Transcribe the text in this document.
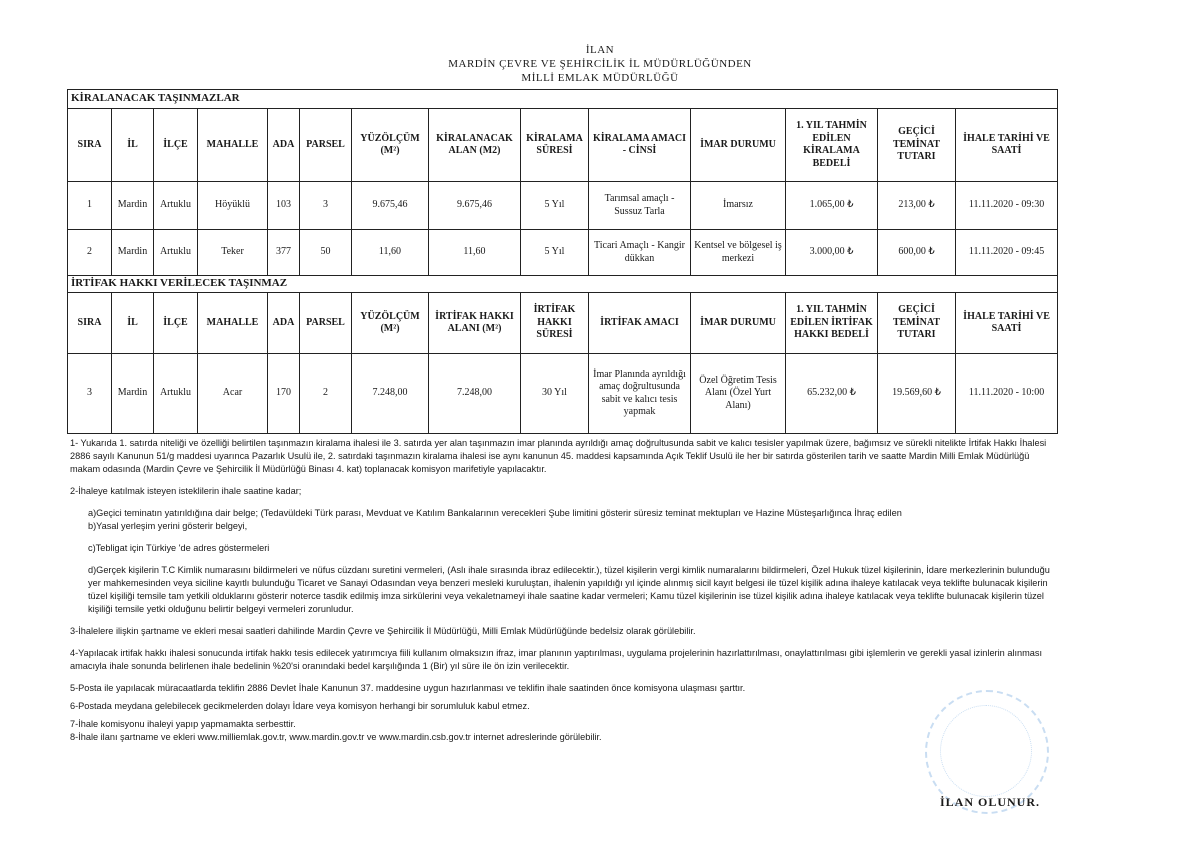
İLAN
MARDİN ÇEVRE VE ŞEHİRCİLİK İL MÜDÜRLÜĞÜNDEN
MİLLİ EMLAK MÜDÜRLÜĞÜ
KİRALANACAK TAŞINMAZLAR													
SIRA	İL	İLÇE	MAHALLE	ADA	PARSEL	YÜZÖLÇÜM (M²)	KİRALANACAK ALAN (M2)	KİRALAMA SÜRESİ	KİRALAMA AMACI - CİNSİ	İMAR DURUMU	1. YIL TAHMİN EDİLEN KİRALAMA BEDELİ	GEÇİCİ TEMİNAT TUTARI	İHALE TARİHİ VE SAATİ
1	Mardin	Artuklu	Höyüklü	103	3	9.675,46	9.675,46	5 Yıl	Tarımsal amaçlı - Sussuz Tarla	İmarsız	1.065,00 ₺	213,00 ₺	11.11.2020 - 09:30
2	Mardin	Artuklu	Teker	377	50	11,60	11,60	5 Yıl	Ticari Amaçlı - Kangir dükkan	Kentsel ve bölgesel iş merkezi	3.000,00 ₺	600,00 ₺	11.11.2020 - 09:45
İRTİFAK HAKKI VERİLECEK TAŞINMAZ													
SIRA	İL	İLÇE	MAHALLE	ADA	PARSEL	YÜZÖLÇÜM (M²)	İRTİFAK HAKKI ALANI (M²)	İRTİFAK HAKKI SÜRESİ	İRTİFAK AMACI	İMAR DURUMU	1. YIL TAHMİN EDİLEN İRTİFAK HAKKI BEDELİ	GEÇİCİ TEMİNAT TUTARI	İHALE TARİHİ VE SAATİ
3	Mardin	Artuklu	Acar	170	2	7.248,00	7.248,00	30 Yıl	İmar Planında ayrıldığı amaç doğrultusunda sabit ve kalıcı tesis yapmak	Özel Öğretim Tesis Alanı (Özel Yurt Alanı)	65.232,00 ₺	19.569,60 ₺	11.11.2020 - 10:00

1- Yukarıda 1. satırda niteliği ve özelliği belirtilen taşınmazın kiralama ihalesi ile 3. satırda yer alan taşınmazın imar planında ayrıldığı amaç doğrultusunda sabit ve kalıcı tesisler yapılmak üzere, bağımsız ve sürekli nitelikte İrtifak Hakkı İhalesi 2886 sayılı Kanunun 51/g maddesi uyarınca Pazarlık Usulü ile, 2. satırdaki taşınmazın kiralama ihalesi ise aynı kanunun 45. maddesi kapsamında Açık Teklif Usulü ile her bir satırda gösterilen tarih ve saatte Mardin Milli Emlak Müdürlüğü makam odasında (Mardin Çevre ve Şehircilik İl Müdürlüğü Binası 4. kat) toplanacak komisyon marifetiyle yapılacaktır.

2-İhaleye katılmak isteyen isteklilerin ihale saatine kadar;

a)Geçici teminatın yatırıldığına dair belge; (Tedavüldeki Türk parası, Mevduat ve Katılım Bankalarının verecekleri Şube limitini gösterir süresiz teminat mektupları ve Hazine Müsteşarlığınca İhraç edilen

b)Yasal yerleşim yerini gösterir belgeyi,

c)Tebligat için Türkiye 'de adres göstermeleri

d)Gerçek kişilerin T.C Kimlik numarasını bildirmeleri ve nüfus cüzdanı suretini vermeleri, (Aslı ihale sırasında ibraz edilecektir.), tüzel kişilerin vergi kimlik numaralarını bildirmeleri, Özel Hukuk tüzel kişilerinin, İdare merkezlerinin bulunduğu yer mahkemesinden veya siciline kayıtlı bulunduğu Ticaret ve Sanayi Odasından veya benzeri mesleki kuruluştan, ihalenin yapıldığı yıl içinde alınmış sicil kayıt belgesi ile tüzel kişilik adına ihaleye katılacak veya teklifte bulunacak kişilerin tüzel kişiliği temsile tam yetkili olduklarını gösterir noterce tasdik edilmiş imza sirkülerini veya vekaletnameyi ihale saatine kadar vermeleri; Kamu tüzel kişilerinin ise tüzel kişilik adına ihaleye katılacak veya teklifte bulunacak kişilerin tüzel kişiliği temsile yetki olduğunu belirtir belgeyi vermeleri zorunludur.

3-İhalelere ilişkin şartname ve ekleri mesai saatleri dahilinde Mardin Çevre ve Şehircilik İl Müdürlüğü, Milli Emlak Müdürlüğünde bedelsiz olarak görülebilir.

4-Yapılacak irtifak hakkı ihalesi sonucunda irtifak hakkı tesis edilecek yatırımcıya fiili kullanım olmaksızın ifraz, imar planının yaptırılması, uygulama projelerinin hazırlattırılması, onaylattırılması gibi işlemlerin ve gerekli yasal izinlerin alınması amacıyla ihale sonunda belirlenen ihale bedelinin %20'si oranındaki bedel karşılığında 1 (Bir) yıl süre ile ön izin verilecektir.

5-Posta ile yapılacak müracaatlarda teklifin 2886 Devlet İhale Kanunun 37. maddesine uygun hazırlanması ve teklifin ihale saatinden önce komisyona ulaşması şarttır.

6-Postada meydana gelebilecek gecikmelerden dolayı İdare veya komisyon herhangi bir sorumluluk kabul etmez.

7-İhale komisyonu ihaleyi yapıp yapmamakta serbesttir.

8-İhale ilanı şartname ve ekleri www.milliemlak.gov.tr, www.mardin.gov.tr ve www.mardin.csb.gov.tr internet adreslerinde görülebilir.

İLAN OLUNUR.
